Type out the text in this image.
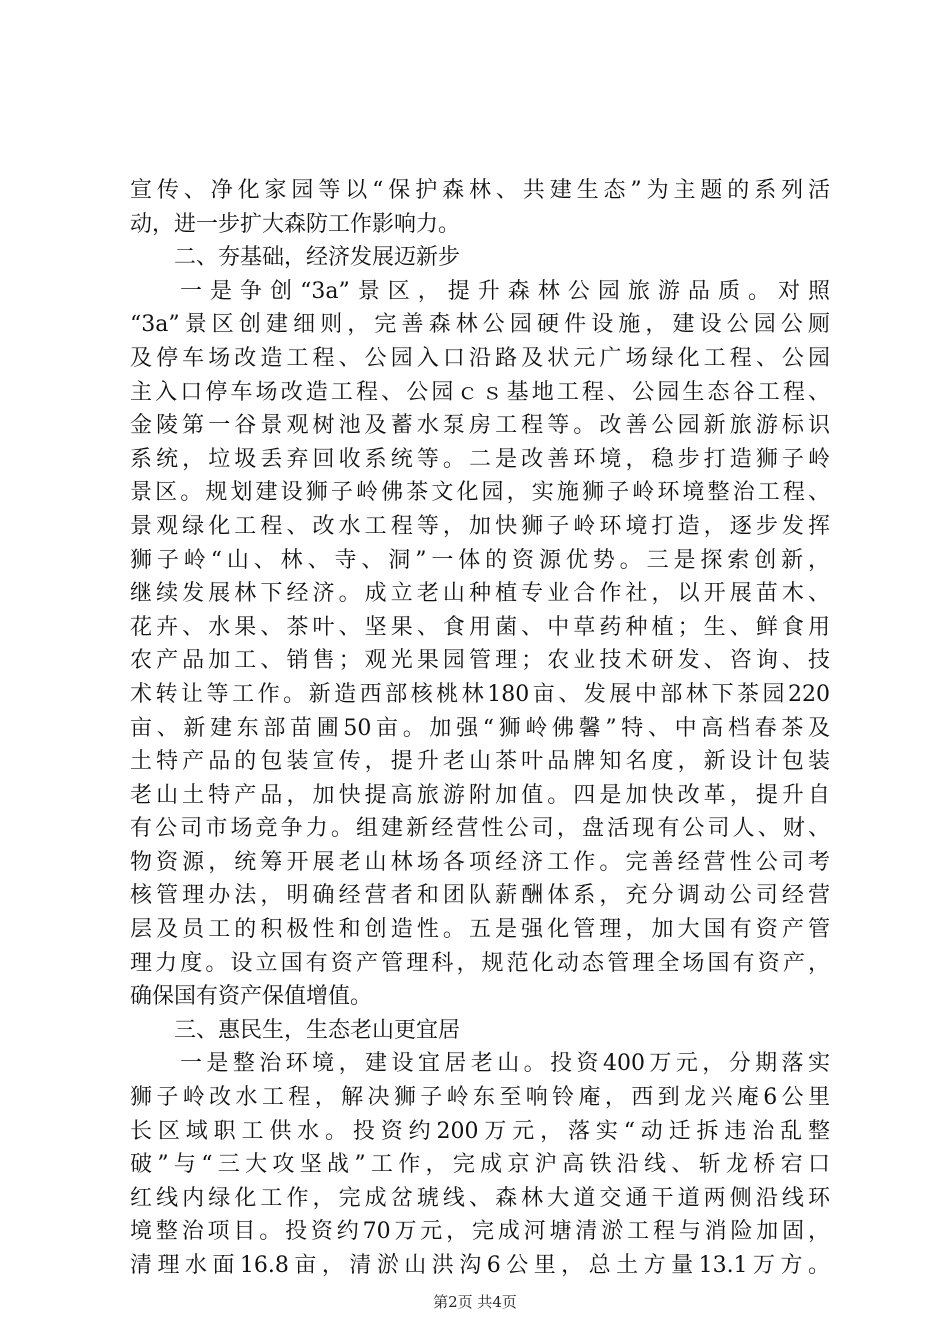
宣传、净化家园等以“保护森林、共建生态”为主题的系列活
动，进一步扩大森防工作影响力。
二、夯基础，经济发展迈新步
一是争创“3a”景区，提升森林公园旅游品质。对照
“3a”景区创建细则，完善森林公园硬件设施，建设公园公厕
及停车场改造工程、公园入口沿路及状元广场绿化工程、公园
主入口停车场改造工程、公园ｃｓ基地工程、公园生态谷工程、
金陵第一谷景观树池及蓄水泵房工程等。改善公园新旅游标识
系统，垃圾丢弃回收系统等。二是改善环境，稳步打造狮子岭
景区。规划建设狮子岭佛茶文化园，实施狮子岭环境整治工程、
景观绿化工程、改水工程等，加快狮子岭环境打造，逐步发挥
狮子岭“山、林、寺、洞”一体的资源优势。三是探索创新，
继续发展林下经济。成立老山种植专业合作社，以开展苗木、
花卉、水果、茶叶、坚果、食用菌、中草药种植；生、鲜食用
农产品加工、销售；观光果园管理；农业技术研发、咨询、技
术转让等工作。新造西部核桃林180亩、发展中部林下茶园220
亩、新建东部苗圃50亩。加强“狮岭佛馨”特、中高档春茶及
土特产品的包装宣传，提升老山茶叶品牌知名度，新设计包装
老山土特产品，加快提高旅游附加值。四是加快改革，提升自
有公司市场竞争力。组建新经营性公司，盘活现有公司人、财、
物资源，统筹开展老山林场各项经济工作。完善经营性公司考
核管理办法，明确经营者和团队薪酬体系，充分调动公司经营
层及员工的积极性和创造性。五是强化管理，加大国有资产管
理力度。设立国有资产管理科，规范化动态管理全场国有资产，
确保国有资产保值增值。
三、惠民生，生态老山更宜居
一是整治环境，建设宜居老山。投资400万元，分期落实
狮子岭改水工程，解决狮子岭东至响铃庵，西到龙兴庵6公里
长区域职工供水。投资约200万元，落实“动迁拆违治乱整
破”与“三大攻坚战”工作，完成京沪高铁沿线、斩龙桥宕口
红线内绿化工作，完成岔琥线、森林大道交通干道两侧沿线环
境整治项目。投资约70万元，完成河塘清淤工程与消险加固，
清理水面16.8亩，清淤山洪沟6公里，总土方量13.1万方。
第2页 共4页
